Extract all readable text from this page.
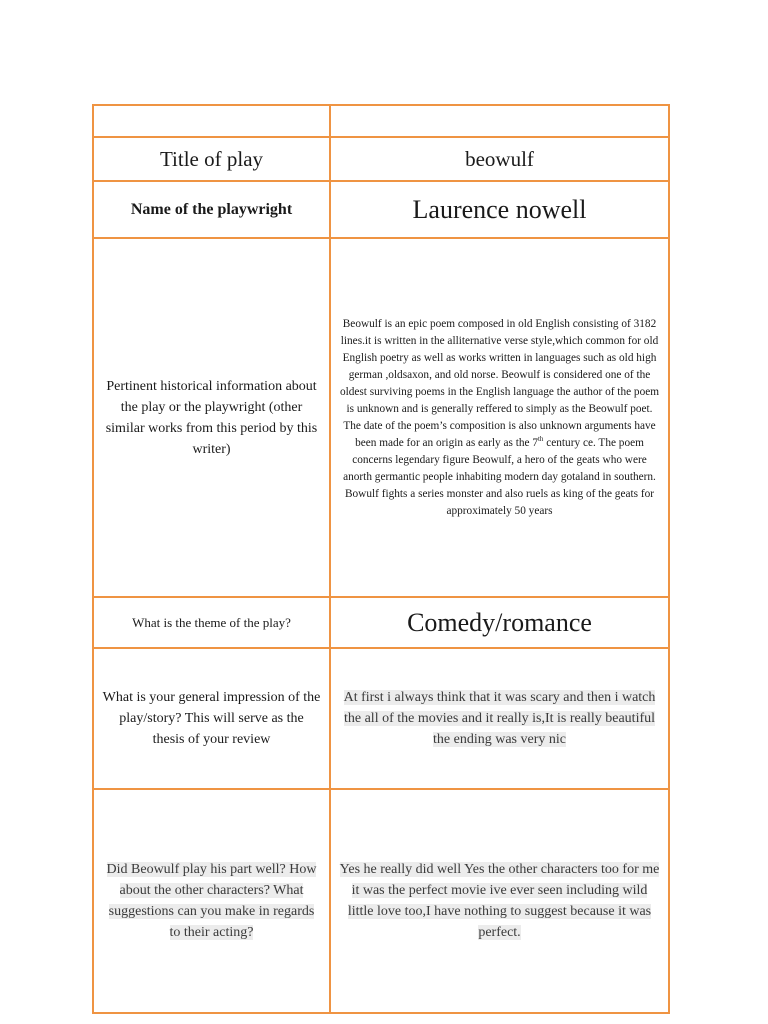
Title of play	beowulf
Name of the playwright	Laurence nowell
Pertinent historical information about the play or the playwright (other similar works from this period by this writer)	Beowulf is an epic poem composed in old English consisting of 3182 lines.it is written in the alliternative verse style,which common for old English poetry as well as works written in languages such as old high german ,oldsaxon, and old norse. Beowulf is considered one of the oldest surviving poems in the English language the author of the poem is unknown and is generally reffered to simply as the Beowulf poet. The date of the poem’s composition is also unknown arguments have been made for an origin as early as the 7th century ce. The poem concerns legendary figure Beowulf, a hero of the geats who were anorth germantic people inhabiting modern day gotaland in southern. Bowulf fights a series monster and also ruels as king of the geats for approximately 50 years
What is the theme of the play?	Comedy/romance
What is your general impression of the play/story? This will serve as the thesis of your review	At first i always think that it was scary and then i watch the all of the movies and it really is,It is really beautiful the ending was very nic
Did Beowulf play his part well? How about the other characters? What suggestions can you make in regards to their acting?	Yes he really did well Yes the other characters too for me it was the perfect movie ive ever seen including wild little love too,I have nothing to suggest because it was perfect.
